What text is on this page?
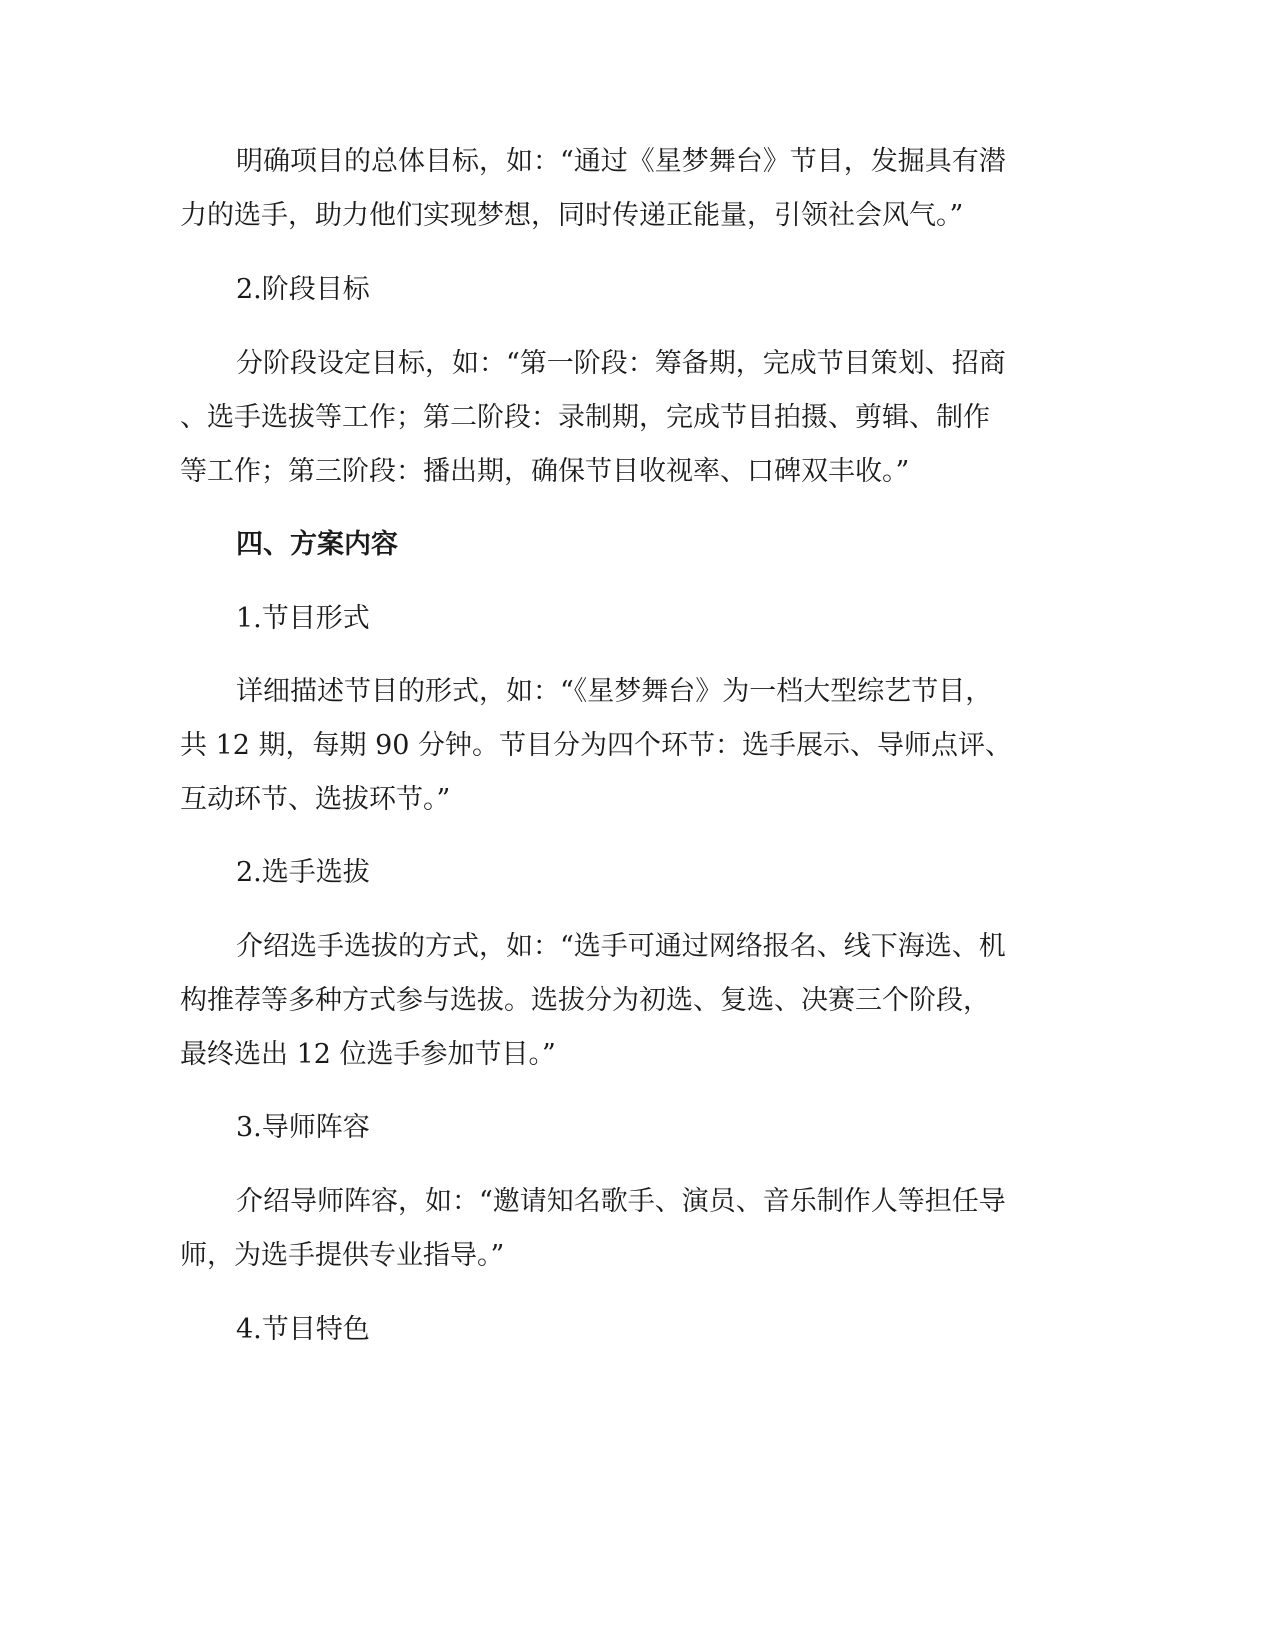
明确项目的总体目标，如：“通过《星梦舞台》节目，发掘具有潜
力的选手，助力他们实现梦想，同时传递正能量，引领社会风气。”
2.阶段目标
分阶段设定目标，如：“第一阶段：筹备期，完成节目策划、招商
、选手选拔等工作；第二阶段：录制期，完成节目拍摄、剪辑、制作
等工作；第三阶段：播出期，确保节目收视率、口碑双丰收。”
四、方案内容
1.节目形式
详细描述节目的形式，如：“《星梦舞台》为一档大型综艺节目，
共 12 期，每期 90 分钟。节目分为四个环节：选手展示、导师点评、
互动环节、选拔环节。”
2.选手选拔
介绍选手选拔的方式，如：“选手可通过网络报名、线下海选、机
构推荐等多种方式参与选拔。选拔分为初选、复选、决赛三个阶段，
最终选出 12 位选手参加节目。”
3.导师阵容
介绍导师阵容，如：“邀请知名歌手、演员、音乐制作人等担任导
师，为选手提供专业指导。”
4.节目特色
